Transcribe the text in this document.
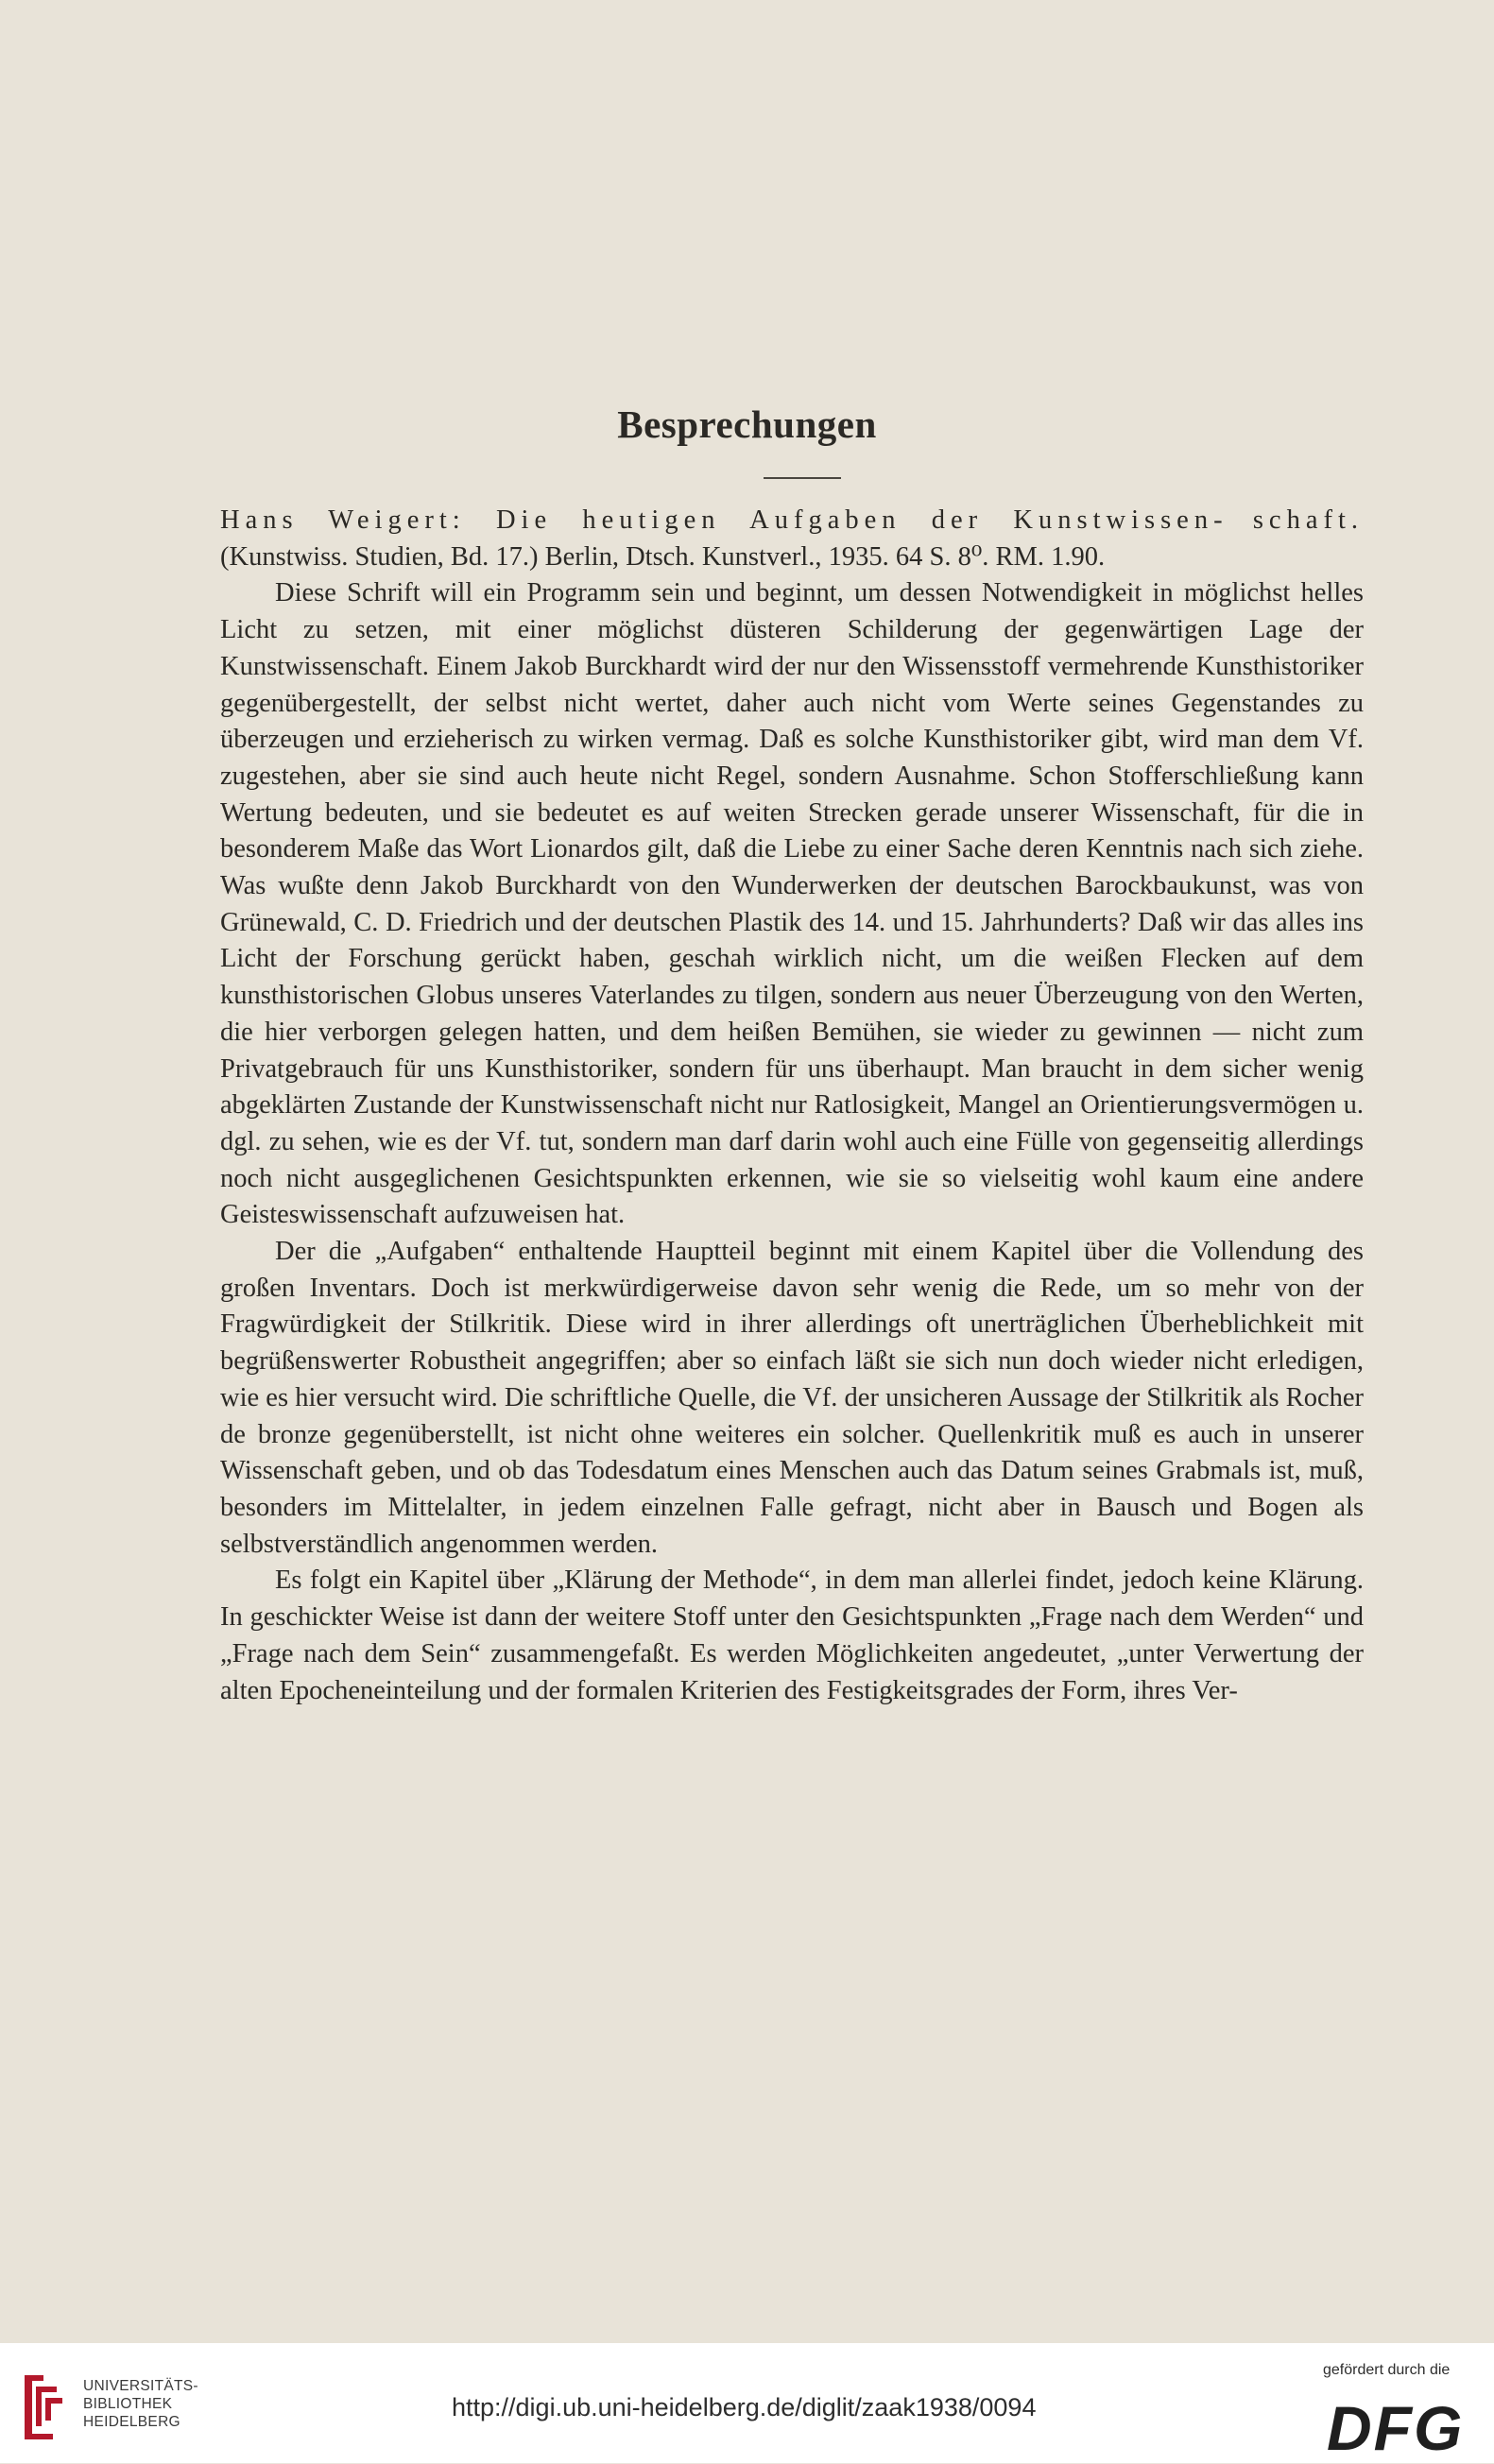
Besprechungen

Hans Weigert: Die heutigen Aufgaben der Kunstwissen- schaft. (Kunstwiss. Studien, Bd. 17.) Berlin, Dtsch. Kunstverl., 1935. 64 S. 8⁰. RM. 1.90.

Diese Schrift will ein Programm sein und beginnt, um dessen Notwendigkeit in möglichst helles Licht zu setzen, mit einer möglichst düsteren Schilderung der gegenwärtigen Lage der Kunstwissenschaft. Einem Jakob Burckhardt wird der nur den Wissensstoff vermehrende Kunsthistoriker gegenübergestellt, der selbst nicht wertet, daher auch nicht vom Werte seines Gegenstandes zu überzeugen und erzieherisch zu wirken vermag. Daß es solche Kunsthistoriker gibt, wird man dem Vf. zugestehen, aber sie sind auch heute nicht Regel, sondern Ausnahme. Schon Stofferschließung kann Wertung bedeuten, und sie bedeutet es auf weiten Strecken gerade unserer Wissenschaft, für die in besonderem Maße das Wort Lionardos gilt, daß die Liebe zu einer Sache deren Kenntnis nach sich ziehe. Was wußte denn Jakob Burckhardt von den Wunderwerken der deutschen Barockbaukunst, was von Grünewald, C. D. Friedrich und der deutschen Plastik des 14. und 15. Jahrhunderts? Daß wir das alles ins Licht der Forschung gerückt haben, geschah wirklich nicht, um die weißen Flecken auf dem kunsthistorischen Globus unseres Vaterlandes zu tilgen, sondern aus neuer Überzeugung von den Werten, die hier verborgen gelegen hatten, und dem heißen Bemühen, sie wieder zu gewinnen — nicht zum Privatgebrauch für uns Kunsthistoriker, sondern für uns überhaupt. Man braucht in dem sicher wenig abgeklärten Zustande der Kunstwissenschaft nicht nur Ratlosigkeit, Mangel an Orientierungsvermögen u. dgl. zu sehen, wie es der Vf. tut, sondern man darf darin wohl auch eine Fülle von gegenseitig allerdings noch nicht ausgeglichenen Gesichtspunkten erkennen, wie sie so vielseitig wohl kaum eine andere Geisteswissenschaft aufzuweisen hat.

Der die „Aufgaben“ enthaltende Hauptteil beginnt mit einem Kapitel über die Vollendung des großen Inventars. Doch ist merkwürdigerweise davon sehr wenig die Rede, um so mehr von der Fragwürdigkeit der Stilkritik. Diese wird in ihrer allerdings oft unerträglichen Überheblichkeit mit begrüßenswerter Robustheit angegriffen; aber so einfach läßt sie sich nun doch wieder nicht erledigen, wie es hier versucht wird. Die schriftliche Quelle, die Vf. der unsicheren Aussage der Stilkritik als Rocher de bronze gegenüberstellt, ist nicht ohne weiteres ein solcher. Quellenkritik muß es auch in unserer Wissenschaft geben, und ob das Todesdatum eines Menschen auch das Datum seines Grabmals ist, muß, besonders im Mittelalter, in jedem einzelnen Falle gefragt, nicht aber in Bausch und Bogen als selbstverständlich angenommen werden.

Es folgt ein Kapitel über „Klärung der Methode“, in dem man allerlei findet, jedoch keine Klärung. In geschickter Weise ist dann der weitere Stoff unter den Gesichtspunkten „Frage nach dem Werden“ und „Frage nach dem Sein“ zusammengefaßt. Es werden Möglichkeiten angedeutet, „unter Verwertung der alten Epocheneinteilung und der formalen Kriterien des Festigkeitsgrades der Form, ihres Ver-

UNIVERSITÄTS-
BIBLIOTHEK
HEIDELBERG
http://digi.ub.uni-heidelberg.de/diglit/zaak1938/0094
gefördert durch die
DFG
